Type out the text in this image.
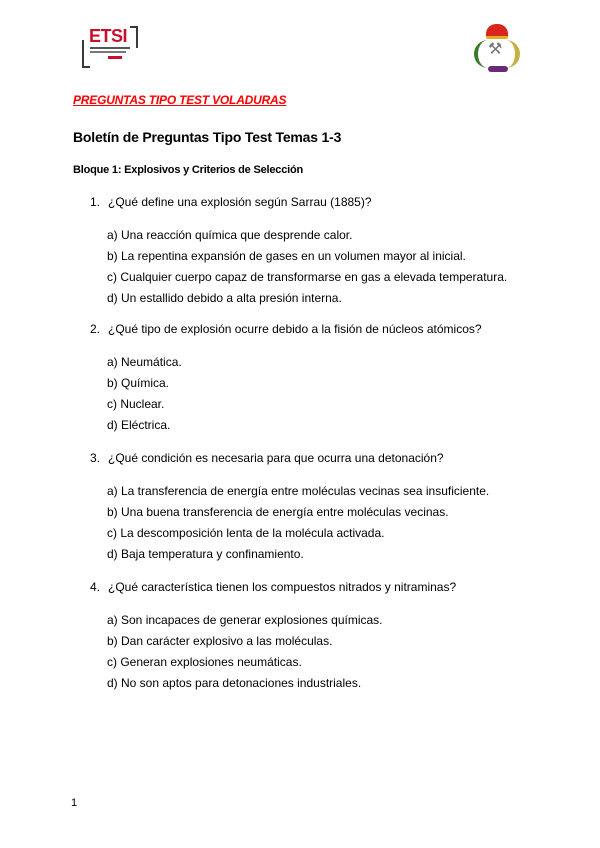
ETSI
⚒
PREGUNTAS TIPO TEST VOLADURAS
Boletín de Preguntas Tipo Test Temas 1-3
Bloque 1: Explosivos y Criterios de Selección
1. ¿Qué define una explosión según Sarrau (1885)?
a) Una reacción química que desprende calor.
b) La repentina expansión de gases en un volumen mayor al inicial.
c) Cualquier cuerpo capaz de transformarse en gas a elevada temperatura.
d) Un estallido debido a alta presión interna.
2. ¿Qué tipo de explosión ocurre debido a la fisión de núcleos atómicos?
a) Neumática.
b) Química.
c) Nuclear.
d) Eléctrica.
3. ¿Qué condición es necesaria para que ocurra una detonación?
a) La transferencia de energía entre moléculas vecinas sea insuficiente.
b) Una buena transferencia de energía entre moléculas vecinas.
c) La descomposición lenta de la molécula activada.
d) Baja temperatura y confinamiento.
4. ¿Qué característica tienen los compuestos nitrados y nitraminas?
a) Son incapaces de generar explosiones químicas.
b) Dan carácter explosivo a las moléculas.
c) Generan explosiones neumáticas.
d) No son aptos para detonaciones industriales.
1
